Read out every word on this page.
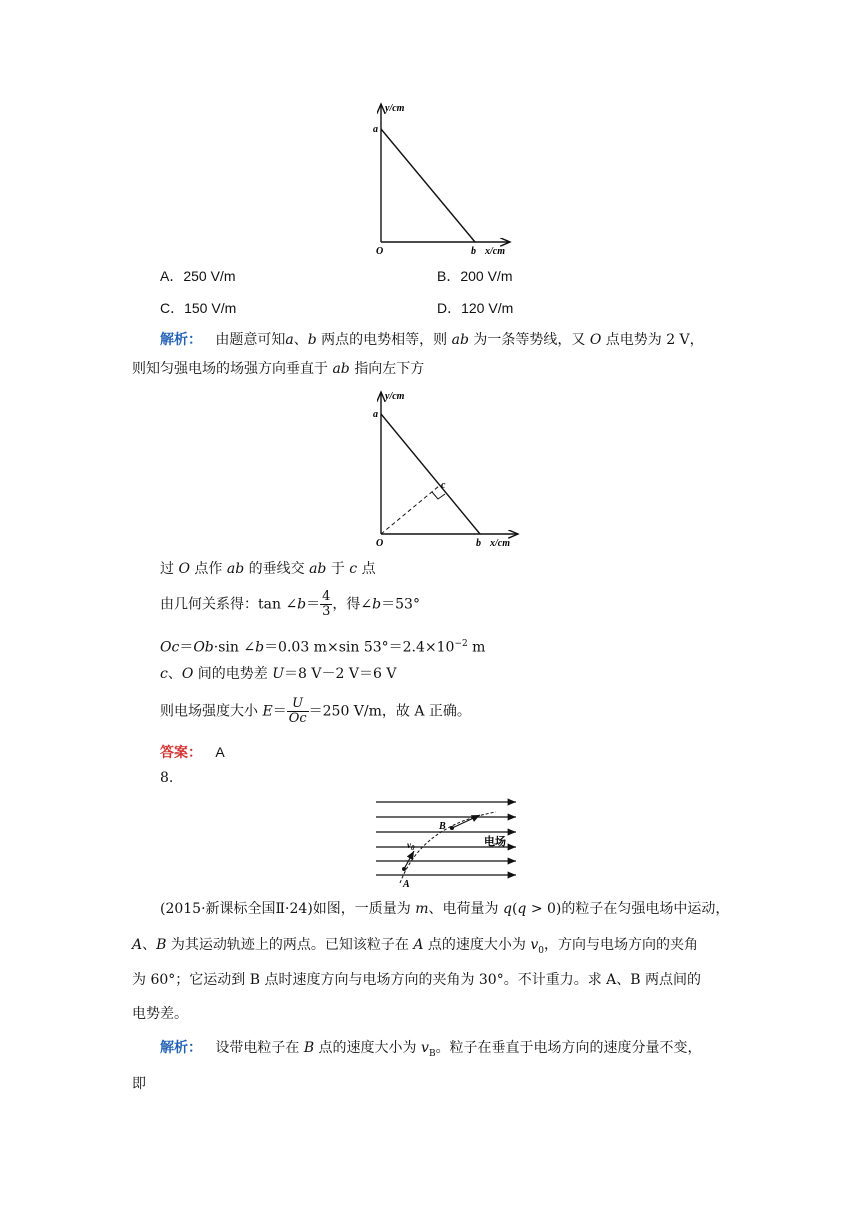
y/cm
x/cm
a
b
O
A．250 V/m	B．200 V/m
C．150 V/m	D．120 V/m
解析： 由题意可知a、b 两点的电势相等，则 ab 为一条等势线，又 O 点电势为 2 V，
则知匀强电场的场强方向垂直于 ab 指向左下方
y/cm
x/cm
a
b
c
O
过 O 点作 ab 的垂线交 ab 于 c 点
由几何关系得：tan ∠b＝ $\frac{4}{3}$ ，得∠b＝53°
Oc＝Ob·sin ∠b＝0.03 m×sin $53^\circ=2.4\times 10^{-2}$ m
c、O 间的电势差 U＝8 V－2 V＝6 V
则电场强度大小 $E= \frac{U}{Oc} =250$ V/m，故 A 正确。
答案： A
8.
B
A
$v_0$	电场
(2015·新课标全国Ⅱ·24)如图，一质量为 m、电荷量为 q(q > 0)的粒子在匀强电场中运动，
A、B 为其运动轨迹上的两点。已知该粒子在 A 点的速度大小为 $v_0$，方向与电场方向的夹角
为 60°；它运动到 B 点时速度方向与电场方向的夹角为 30°。不计重力。求 A、B 两点间的
电势差。
解析： 设带电粒子在 B 点的速度大小为 $v_B$。粒子在垂直于电场方向的速度分量不变，
即
